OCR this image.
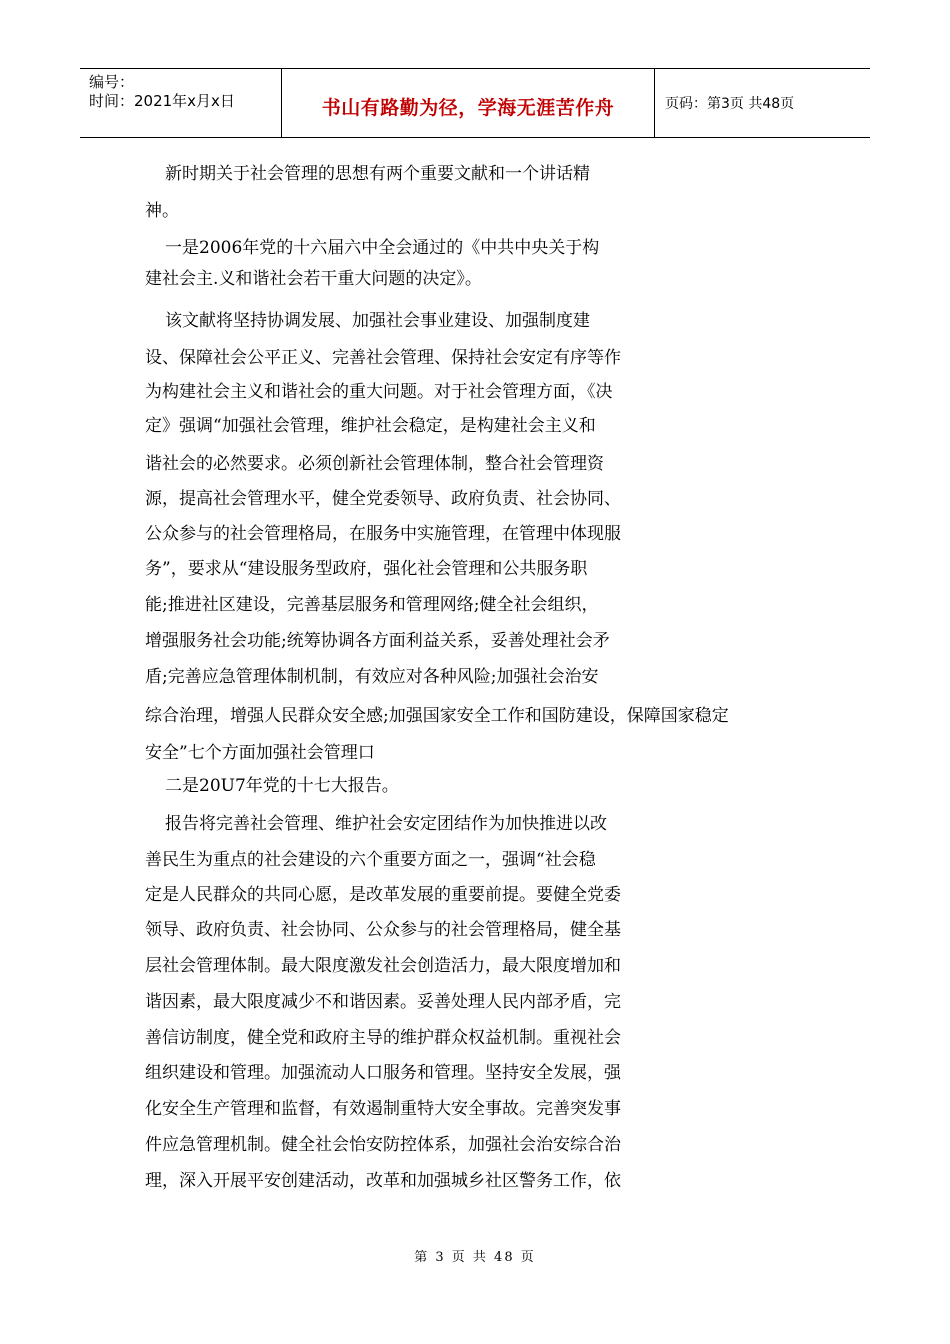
编号：
时间：2021年x月x日	书山有路勤为径，学海无涯苦作舟	页码：第3页 共48页
新时期关于社会管理的思想有两个重要文献和一个讲话精
神。
一是2006年党的十六届六中全会通过的《中共中央关于构
建社会主.义和谐社会若干重大问题的决定》。
该文献将坚持协调发展、加强社会事业建设、加强制度建
设、保障社会公平正义、完善社会管理、保持社会安定有序等作
为构建社会主义和谐社会的重大问题。对于社会管理方面，《决
定》强调“加强社会管理，维护社会稳定，是构建社会主义和
谐社会的必然要求。必须创新社会管理体制，整合社会管理资
源，提高社会管理水平，健全党委领导、政府负责、社会协同、
公众参与的社会管理格局，在服务中实施管理，在管理中体现服
务”，要求从“建设服务型政府，强化社会管理和公共服务职
能;推进社区建设，完善基层服务和管理网络;健全社会组织，
增强服务社会功能;统筹协调各方面利益关系，妥善处理社会矛
盾;完善应急管理体制机制，有效应对各种风险;加强社会治安
综合治理，增强人民群众安全感;加强国家安全工作和国防建设，保障国家稳定
安全”七个方面加强社会管理口
二是20U7年党的十七大报告。
报告将完善社会管理、维护社会安定团结作为加快推进以改
善民生为重点的社会建设的六个重要方面之一，强调“社会稳
定是人民群众的共同心愿，是改革发展的重要前提。要健全党委
领导、政府负责、社会协同、公众参与的社会管理格局，健全基
层社会管理体制。最大限度激发社会创造活力，最大限度增加和
谐因素，最大限度减少不和谐因素。妥善处理人民内部矛盾，完
善信访制度，健全党和政府主导的维护群众权益机制。重视社会
组织建设和管理。加强流动人口服务和管理。坚持安全发展，强
化安全生产管理和监督，有效遏制重特大安全事故。完善突发事
件应急管理机制。健全社会怡安防控体系，加强社会治安综合治
理，深入开展平安创建活动，改革和加强城乡社区警务工作，依
第 3 页 共 48 页
